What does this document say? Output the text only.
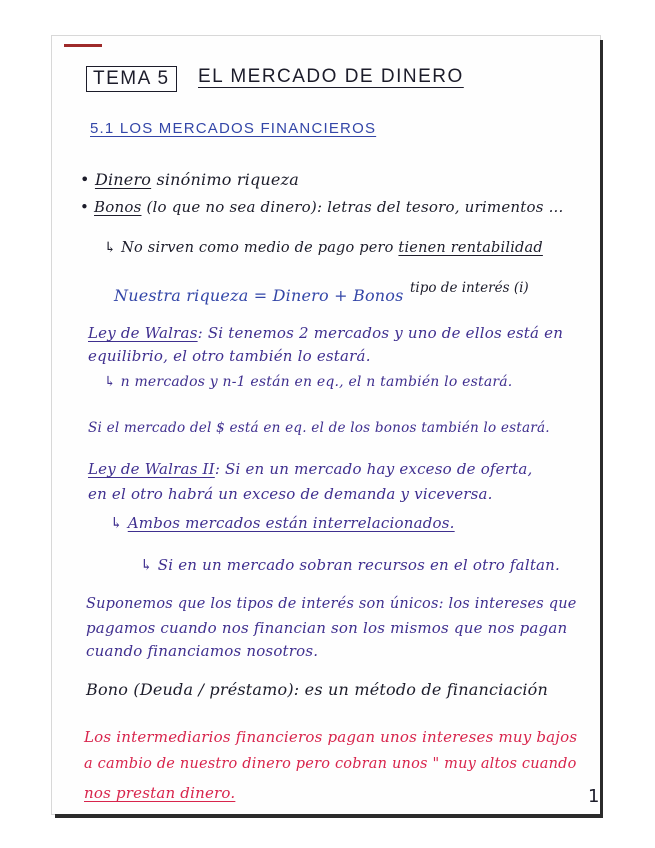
TEMA 5	EL MERCADO DE DINERO
5.1 LOS MERCADOS FINANCIEROS
• Dinero sinónimo riqueza
• Bonos (lo que no sea dinero): letras del tesoro, urimentos ...
↳ No sirven como medio de pago pero tienen rentabilidad
tipo de interés (i)
Nuestra riqueza = Dinero + Bonos
Ley de Walras: Si tenemos 2 mercados y uno de ellos está en
equilibrio, el otro también lo estará.
↳ n mercados y n-1 están en eq., el n también lo estará.
Si el mercado del $ está en eq. el de los bonos también lo estará.
Ley de Walras II: Si en un mercado hay exceso de oferta,
en el otro habrá un exceso de demanda y viceversa.
↳ Ambos mercados están interrelacionados.
↳ Si en un mercado sobran recursos en el otro faltan.
Suponemos que los tipos de interés son únicos: los intereses que
pagamos cuando nos financian son los mismos que nos pagan
cuando financiamos nosotros.
Bono (Deuda / préstamo): es un método de financiación
Los intermediarios financieros pagan unos intereses muy bajos
a cambio de nuestro dinero pero cobran unos " muy altos cuando
nos prestan dinero.	1
